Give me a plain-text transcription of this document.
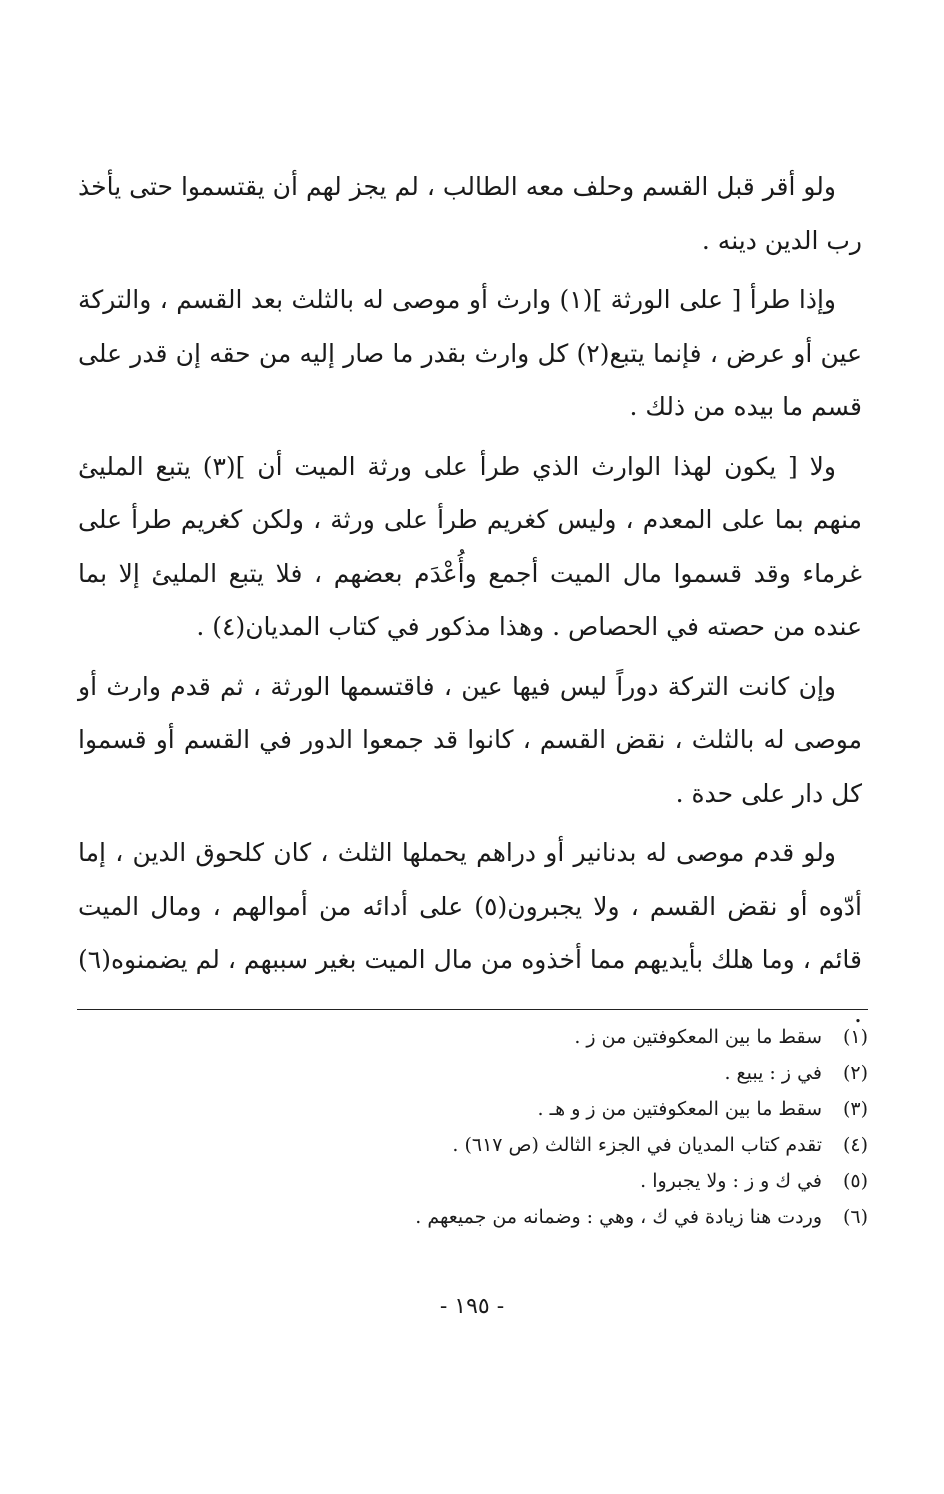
ولو أقر قبل القسم وحلف معه الطالب ، لم يجز لهم أن يقتسموا حتى يأخذ رب الدين دينه .

وإذا طرأ [ على الورثة ](١) وارث أو موصى له بالثلث بعد القسم ، والتركة عين أو عرض ، فإنما يتبع(٢) كل وارث بقدر ما صار إليه من حقه إن قدر على قسم ما بيده من ذلك .

ولا [ يكون لهذا الوارث الذي طرأ على ورثة الميت أن ](٣) يتبع المليئ منهم بما على المعدم ، وليس كغريم طرأ على ورثة ، ولكن كغريم طرأ على غرماء وقد قسموا مال الميت أجمع وأُعْدَم بعضهم ، فلا يتبع المليئ إلا بما عنده من حصته في الحصاص . وهذا مذكور في كتاب المديان(٤) .

وإن كانت التركة دوراً ليس فيها عين ، فاقتسمها الورثة ، ثم قدم وارث أو موصى له بالثلث ، نقض القسم ، كانوا قد جمعوا الدور في القسم أو قسموا كل دار على حدة .

ولو قدم موصى له بدنانير أو دراهم يحملها الثلث ، كان كلحوق الدين ، إما أدّوه أو نقض القسم ، ولا يجبرون(٥) على أدائه من أموالهم ، ومال الميت قائم ، وما هلك بأيديهم مما أخذوه من مال الميت بغير سببهم ، لم يضمنوه(٦) .

(١)
سقط ما بين المعكوفتين من ز .
(٢)
في ز : يبيع .
(٣)
سقط ما بين المعكوفتين من ز و هـ .
(٤)
تقدم كتاب المديان في الجزء الثالث (ص ٦١٧) .
(٥)
في ك و ز : ولا يجبروا .
(٦)
وردت هنا زيادة في ك ، وهي : وضمانه من جميعهم .
- ١٩٥ -
